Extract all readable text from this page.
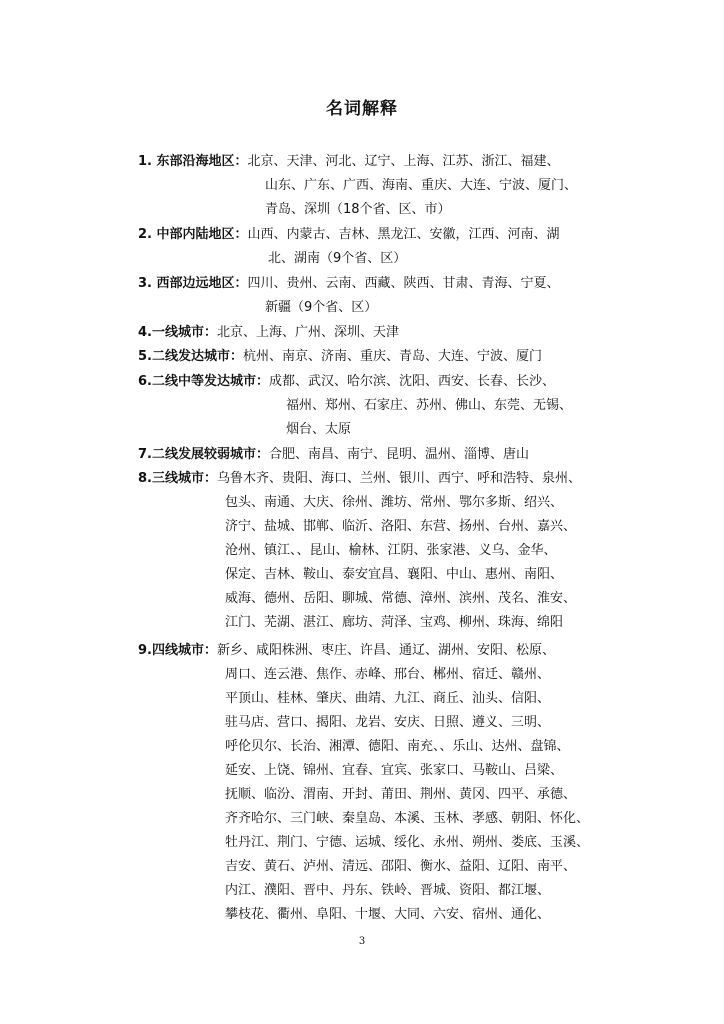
名词解释
1. 东部沿海地区：北京、天津、河北、辽宁、上海、江苏、浙江、福建、
山东、广东、广西、海南、重庆、大连、宁波、厦门、
青岛、深圳（18个省、区、市）
2. 中部内陆地区：山西、内蒙古、吉林、黑龙江、安徽，江西、河南、湖
北、湖南（9个省、区）
3. 西部边远地区：四川、贵州、云南、西藏、陕西、甘肃、青海、宁夏、
新疆（9个省、区）
4.一线城市：北京、上海、广州、深圳、天津
5.二线发达城市：杭州、南京、济南、重庆、青岛、大连、宁波、厦门
6.二线中等发达城市：成都、武汉、哈尔滨、沈阳、西安、长春、长沙、
福州、郑州、石家庄、苏州、佛山、东莞、无锡、
烟台、太原
7.二线发展较弱城市：合肥、南昌、南宁、昆明、温州、淄博、唐山
8.三线城市：乌鲁木齐、贵阳、海口、兰州、银川、西宁、呼和浩特、泉州、
包头、南通、大庆、徐州、潍坊、常州、鄂尔多斯、绍兴、
济宁、盐城、邯郸、临沂、洛阳、东营、扬州、台州、嘉兴、
沧州、镇江、、昆山、榆林、江阴、张家港、义乌、金华、
保定、吉林、鞍山、泰安宜昌、襄阳、中山、惠州、南阳、
威海、德州、岳阳、聊城、常德、漳州、滨州、茂名、淮安、
江门、芜湖、湛江、廊坊、菏泽、宝鸡、柳州、珠海、绵阳
9.四线城市：新乡、咸阳株洲、枣庄、许昌、通辽、湖州、安阳、松原、
周口、连云港、焦作、赤峰、邢台、郴州、宿迁、赣州、
平顶山、桂林、肇庆、曲靖、九江、商丘、汕头、信阳、
驻马店、营口、揭阳、龙岩、安庆、日照、遵义、三明、
呼伦贝尔、长治、湘潭、德阳、南充、、乐山、达州、盘锦、
延安、上饶、锦州、宜春、宜宾、张家口、马鞍山、吕梁、
抚顺、临汾、渭南、开封、莆田、荆州、黄冈、四平、承德、
齐齐哈尔、三门峡、秦皇岛、本溪、玉林、孝感、朝阳、怀化、
牡丹江、荆门、宁德、运城、绥化、永州、朔州、娄底、玉溪、
吉安、黄石、泸州、清远、邵阳、衡水、益阳、辽阳、南平、
内江、濮阳、晋中、丹东、铁岭、晋城、资阳、都江堰、
攀枝花、衢州、阜阳、十堰、大同、六安、宿州、通化、
3
